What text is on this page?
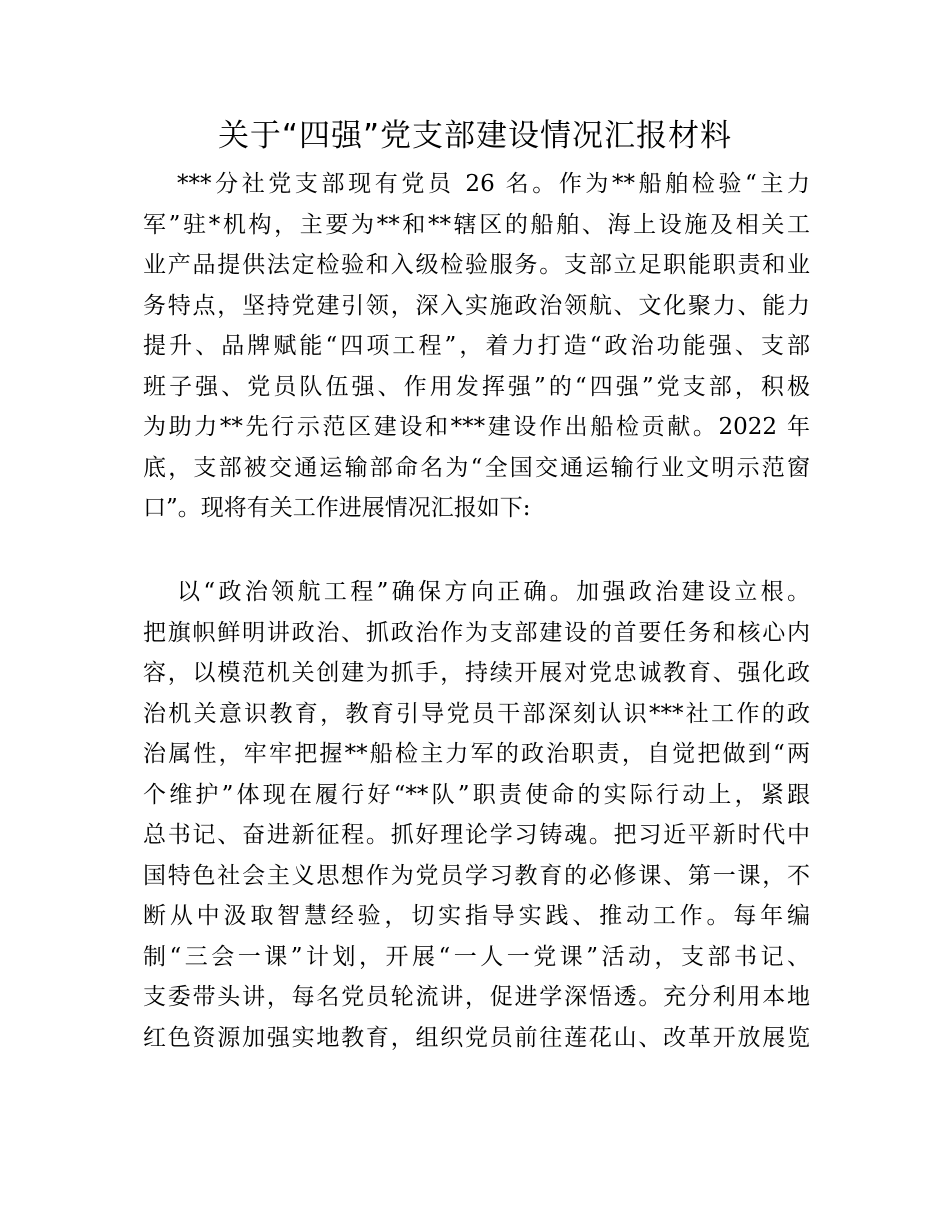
关于“四强”党支部建设情况汇报材料
***分社党支部现有党员 26 名。作为**船舶检验“主力
军”驻*机构，主要为**和**辖区的船舶、海上设施及相关工
业产品提供法定检验和入级检验服务。支部立足职能职责和业
务特点，坚持党建引领，深入实施政治领航、文化聚力、能力
提升、品牌赋能“四项工程”，着力打造“政治功能强、支部
班子强、党员队伍强、作用发挥强”的“四强”党支部，积极
为助力**先行示范区建设和***建设作出船检贡献。2022 年
底，支部被交通运输部命名为“全国交通运输行业文明示范窗
口”。现将有关工作进展情况汇报如下:
以“政治领航工程”确保方向正确。加强政治建设立根。
把旗帜鲜明讲政治、抓政治作为支部建设的首要任务和核心内
容，以模范机关创建为抓手，持续开展对党忠诚教育、强化政
治机关意识教育，教育引导党员干部深刻认识***社工作的政
治属性，牢牢把握**船检主力军的政治职责，自觉把做到“两
个维护”体现在履行好“**队”职责使命的实际行动上，紧跟
总书记、奋进新征程。抓好理论学习铸魂。把习近平新时代中
国特色社会主义思想作为党员学习教育的必修课、第一课，不
断从中汲取智慧经验，切实指导实践、推动工作。每年编
制“三会一课”计划，开展“一人一党课”活动，支部书记、
支委带头讲，每名党员轮流讲，促进学深悟透。充分利用本地
红色资源加强实地教育，组织党员前往莲花山、改革开放展览
